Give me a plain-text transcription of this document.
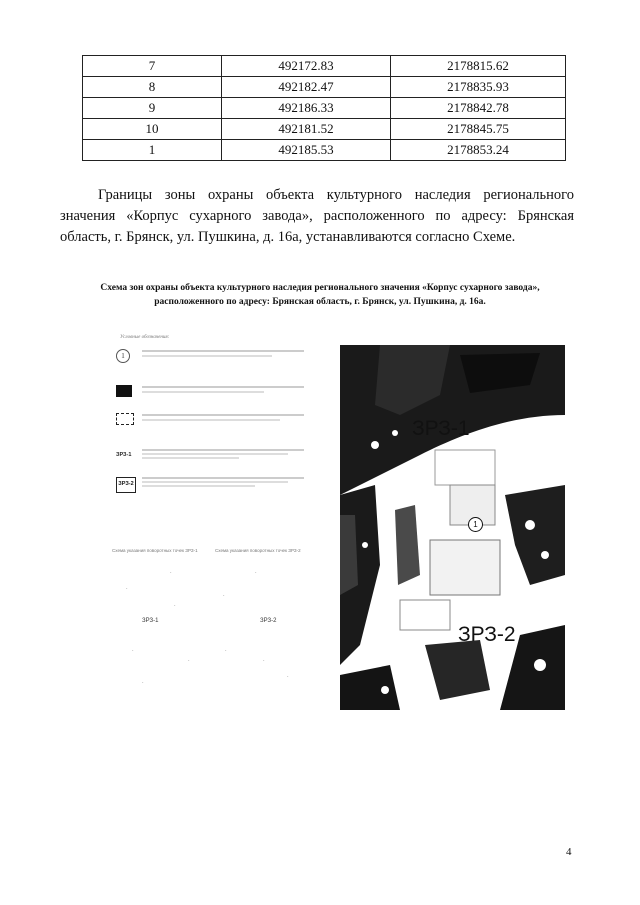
7	492172.83	2178815.62
8	492182.47	2178835.93
9	492186.33	2178842.78
10	492181.52	2178845.75
1	492185.53	2178853.24

Границы зоны охраны объекта культурного наследия регионального значения «Корпус сухарного завода», расположенного по адресу: Брянская область, г. Брянск, ул. Пушкина, д. 16а, устанавливаются согласно Схеме.

Схема зон охраны объекта культурного наследия регионального значения «Корпус сухарного завода»,
расположенного по адресу: Брянская область, г. Брянск, ул. Пушкина, д. 16а.
Условные обозначения:
1
ЗРЗ-1
ЗРЗ-2
Схема указания поворотных точек ЗРЗ-1
ЗРЗ-1
·
·
·
·
·
·
Схема указания поворотных точек ЗРЗ-2
ЗРЗ-2
·
·
·
·
·
ЗРЗ-1
ЗРЗ-2
1
4
